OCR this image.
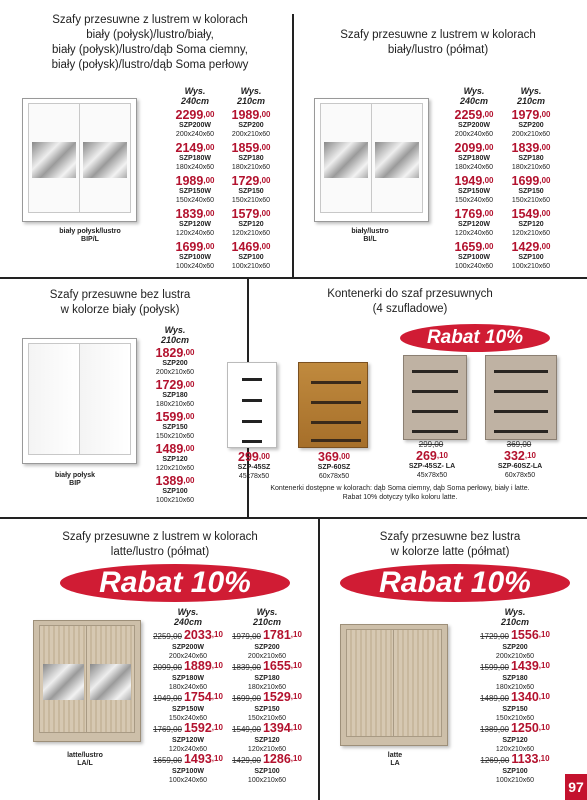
Szafy przesuwne z lustrem w kolorach
biały (połysk)/lustro/biały,
biały (połysk)/lustro/dąb Soma ciemny,
biały (połysk)/lustro/dąb Soma perłowy
biały połysk/lustro
BIP/L
Wys.
240cm
Wys.
210cm
$2299^{,00}$
SZP200W
200x240x60
$2149^{,00}$
SZP180W
180x240x60
$1989^{,00}$
SZP150W
150x240x60
$1839^{,00}$
SZP120W
120x240x60
$1699^{,00}$
SZP100W
100x240x60
$1989^{,00}$
SZP200
200x210x60
$1859^{,00}$
SZP180
180x210x60
$1729^{,00}$
SZP150
150x210x60
$1579^{,00}$
SZP120
120x210x60
$1469^{,00}$
SZP100
100x210x60
Szafy przesuwne z lustrem w kolorach
biały/lustro (półmat)
biały/lustro
BI/L
Wys.
240cm
Wys.
210cm
$2259^{,00}$
SZP200W
200x240x60
$2099^{,00}$
SZP180W
180x240x60
$1949^{,00}$
SZP150W
150x240x60
$1769^{,00}$
SZP120W
120x240x60
$1659^{,00}$
SZP100W
100x240x60
$1979^{,00}$
SZP200
200x210x60
$1839^{,00}$
SZP180
180x210x60
$1699^{,00}$
SZP150
150x210x60
$1549^{,00}$
SZP120
120x210x60
$1429^{,00}$
SZP100
100x210x60
Szafy przesuwne bez lustra
w kolorze biały (połysk)
biały połysk
BIP
Wys.
210cm
$1829^{,00}$
SZP200
200x210x60
$1729^{,00}$
SZP180
180x210x60
$1599^{,00}$
SZP150
150x210x60
$1489^{,00}$
SZP120
120x210x60
$1389^{,00}$
SZP100
100x210x60
Kontenerki do szaf przesuwnych
(4 szufladowe)
Rabat 10%
$299^{,00}$
SZP-45SZ
45x78x50
$369^{,00}$
SZP-60SZ
60x78x50
299,00
$269^{,10}$
SZP-45SZ- LA
45x78x50
369,00
$332^{,10}$
SZP-60SZ-LA
60x78x50
Kontenerki dostępne w kolorach: dąb Soma ciemny, dąb Soma perłowy, biały i latte.
Rabat 10% dotyczy tylko koloru latte.
Szafy przesuwne z lustrem w kolorach
latte/lustro (półmat)
Rabat 10%
latte/lustro
LA/L
Wys.
240cm
Wys.
210cm
2259,00 $2033^{,10}$
SZP200W
200x240x60
2099,00 $1889^{,10}$
SZP180W
180x240x60
1949,00 $1754^{,10}$
SZP150W
150x240x60
1769,00 $1592^{,10}$
SZP120W
120x240x60
1659,00 $1493^{,10}$
SZP100W
100x240x60
1979,00 $1781^{,10}$
SZP200
200x210x60
1839,00 $1655^{,10}$
SZP180
180x210x60
1699,00 $1529^{,10}$
SZP150
150x210x60
1549,00 $1394^{,10}$
SZP120
120x210x60
1429,00 $1286^{,10}$
SZP100
100x210x60
Szafy przesuwne bez lustra
w kolorze latte (półmat)
Rabat 10%
latte
LA
Wys.
210cm
1729,00 $1556^{,10}$
SZP200
200x210x60
1599,00 $1439^{,10}$
SZP180
180x210x60
1489,00 $1340^{,10}$
SZP150
150x210x60
1389,00 $1250^{,10}$
SZP120
120x210x60
1269,00 $1133^{,10}$
SZP100
100x210x60	97
